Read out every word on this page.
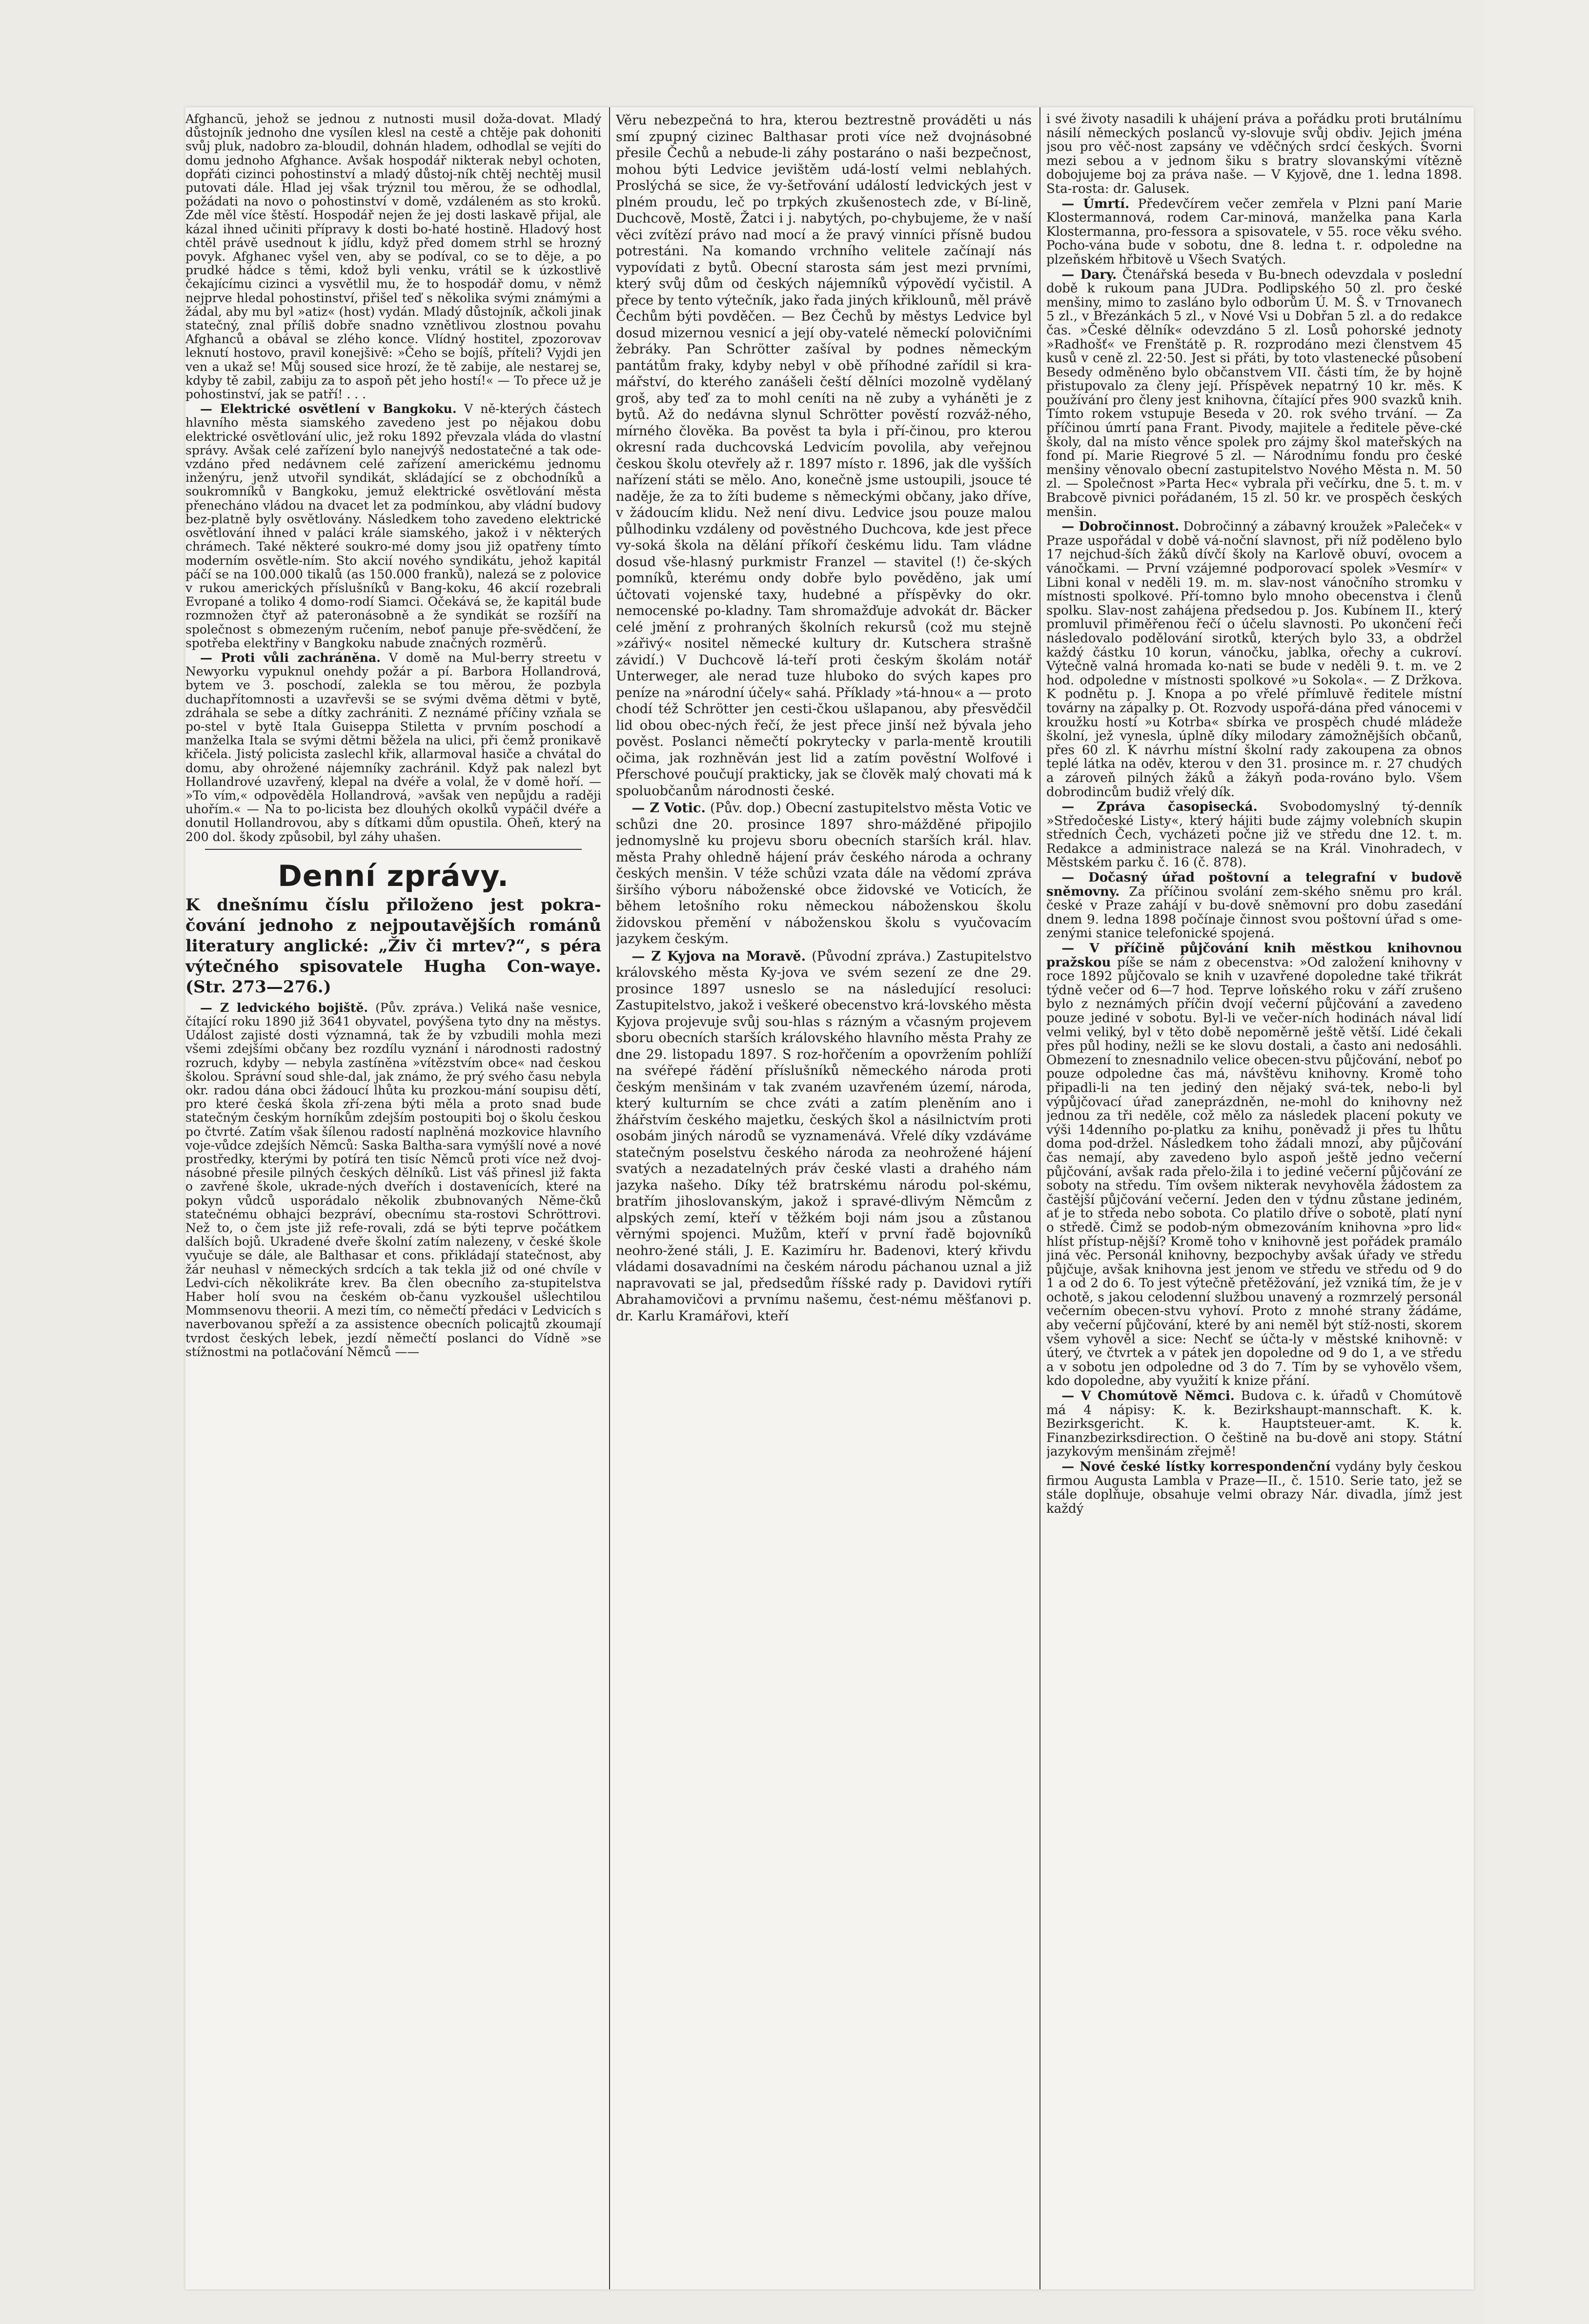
Afghancũ, jehož se jednou z nutnosti musil doža-dovat. Mladý důstojník jednoho dne vysílen klesl na cestě a chtěje pak dohoniti svůj pluk, nadobro za-bloudil, dohnán hladem, odhodlal se vejíti do domu jednoho Afghance. Avšak hospodář nikterak nebyl ochoten, dopřáti cizinci pohostinství a mladý důstoj-ník chtěj nechtěj musil putovati dále. Hlad jej však trýznil tou měrou, že se odhodlal, požádati na novo o pohostinství v domě, vzdáleném as sto kroků. Zde měl více štěstí. Hospodář nejen že jej dosti laskavě přijal, ale kázal ihned učiniti přípravy k dosti bo-haté hostině. Hladový host chtěl právě usednout k jídlu, když před domem strhl se hrozný povyk. Afghanec vyšel ven, aby se podíval, co se to děje, a po prudké hádce s těmi, kdož byli venku, vrátil se k úzkostlivě čekajícímu cizinci a vysvětlil mu, že to hospodář domu, v němž nejprve hledal pohostinství, přišel teď s několika svými známými a žádal, aby mu byl »atiz« (host) vydán. Mladý důstojník, ačkoli jinak statečný, znal příliš dobře snadno vznětlivou zlostnou povahu Afghanců a obával se zlého konce. Vlídný hostitel, zpozorovav leknutí hostovo, pravil konejšivě: »Čeho se bojíš, příteli? Vyjdi jen ven a ukaž se! Můj soused sice hrozí, že tě zabije, ale nestarej se, kdyby tě zabil, zabiju za to aspoň pět jeho hostí!« — To přece už je pohostinství, jak se patří! . . .

— Elektrické osvětlení v Bangkoku. V ně-kterých částech hlavního města siamského zavedeno jest po nějakou dobu elektrické osvětlování ulic, jež roku 1892 převzala vláda do vlastní správy. Avšak celé zařízení bylo nanejvýš nedostatečné a tak ode-vzdáno před nedávnem celé zařízení americkému jednomu inženýru, jenž utvořil syndikát, skládající se z obchodníků a soukromníků v Bangkoku, jemuž elektrické osvětlování města přenecháno vládou na dvacet let za podmínkou, aby vládní budovy bez-platně byly osvětlovány. Následkem toho zavedeno elektrické osvětlování ihned v paláci krále siamského, jakož i v některých chrámech. Také některé soukro-mé domy jsou již opatřeny tímto moderním osvětle-ním. Sto akcií nového syndikátu, jehož kapitál páčí se na 100.000 tikalů (as 150.000 franků), nalezá se z polovice v rukou amerických příslušníků v Bang-koku, 46 akcií rozebrali Evropané a toliko 4 domo-rodí Siamci. Očekává se, že kapitál bude rozmnožen čtyř až pateronásobně a že syndikát se rozšíří na společnost s obmezeným ručením, neboť panuje pře-svědčení, že spotřeba elektřiny v Bangkoku nabude značných rozměrů.

— Proti vůli zachráněna. V domě na Mul-berry streetu v Newyorku vypuknul onehdy požár a pí. Barbora Hollandrová, bytem ve 3. poschodí, zalekla se tou měrou, že pozbyla duchapřítomnosti a uzavřevši se se svými dvěma dětmi v bytě, zdráhala se sebe a dítky zachrániti. Z neznámé příčiny vzňala se po-stel v bytě Itala Guiseppa Stiletta v prvním poschodí a manželka Itala se svými dětmi běžela na ulici, při čemž pronikavě křičela. Jistý policista zaslechl křik, allarmoval hasiče a chvátal do domu, aby ohrožené nájemníky zachránil. Když pak nalezl byt Hollandrové uzavřený, klepal na dvéře a volal, že v domě hoří. — »To vím,« odpověděla Hollandrová, »avšak ven nepůjdu a raději uhořím.« — Na to po-licista bez dlouhých okolků vypáčil dvéře a donutil Hollandrovou, aby s dítkami dům opustila. Oheň, který na 200 dol. škody způsobil, byl záhy uhašen.

Denní zprávy.

K dnešnímu číslu přiloženo jest pokra-čování jednoho z nejpoutavějších románů literatury anglické: „Živ či mrtev?“, s péra výtečného spisovatele Hugha Con-waye. (Str. 273—276.)

— Z ledvického bojiště. (Pův. zpráva.) Veliká naše vesnice, čítající roku 1890 již 3641 obyvatel, povýšena tyto dny na městys. Událost zajisté dosti významná, tak že by vzbudili mohla mezi všemi zdejšími občany bez rozdílu vyznání i národnosti radostný rozruch, kdyby — nebyla zastíněna »vítězstvím obce« nad českou školou. Správní soud shle-dal, jak známo, že prý svého času nebyla okr. radou dána obci žádoucí lhůta ku prozkou-mání soupisu dětí, pro které česká škola zří-zena býti měla a proto snad bude statečným českým horníkům zdejším postoupiti boj o školu českou po čtvrté. Zatím však šílenou radostí naplněná mozkovice hlavního voje-vůdce zdejších Němců: Saska Baltha-sara vymýšlí nové a nové prostředky, kterými by potírá ten tisíc Němců proti více než dvoj-násobné přesile pilných českých dělníků. List váš přinesl již fakta o zavřené škole, ukrade-ných dveřích i dostavenících, které na pokyn vůdců usporádalo několik zbubnovaných Něme-čků statečnému obhajci bezpráví, obecnímu sta-rostovi Schröttrovi. Než to, o čem jste již refe-rovali, zdá se býti teprve počátkem dalších bojů. Ukradené dveře školní zatím nalezeny, v české škole vyučuje se dále, ale Balthasar et cons. přikládají statečnost, aby žár neuhasl v německých srdcích a tak tekla již od oné chvíle v Ledvi-cích několikráte krev. Ba člen obecního za-stupitelstva Haber holí svou na českém ob-čanu vyzkoušel ušlechtilou Mommsenovu theorii. A mezi tím, co němečtí předáci v Ledvicích s naverbovanou spřeží a za assistence obecních policajtů zkoumají tvrdost českých lebek, jezdí němečtí poslanci do Vídně »se stížnostmi na potlačování Němců ——

Věru nebezpečná to hra, kterou beztrestně prováděti u nás smí zpupný cizinec Balthasar proti více než dvojnásobné přesile Čechů a nebude-li záhy postaráno o naši bezpečnost, mohou býti Ledvice jevištěm udá-lostí velmi neblahých. Proslýchá se sice, že vy-šetřování událostí ledvických jest v plném proudu, leč po trpkých zkušenostech zde, v Bí-lině, Duchcově, Mostě, Žatci i j. nabytých, po-chybujeme, že v naší věci zvítězí právo nad mocí a že pravý vinníci přísně budou potrestáni. Na komando vrchního velitele začínají nás vypovídati z bytů. Obecní starosta sám jest mezi prvními, který svůj dům od českých nájemníků výpovědí vyčistil. A přece by tento výtečník, jako řada jiných křiklounů, měl právě Čechům býti povděčen. — Bez Čechů by městys Ledvice byl dosud mizernou vesnicí a její oby-vatelé německí polovičními žebráky. Pan Schrötter zašíval by podnes německým pantátům fraky, kdyby nebyl v obě příhodné zařídil si kra-mářství, do kterého zanášeli čeští dělníci mozolně vydělaný groš, aby teď za to mohl ceníti na ně zuby a vyháněti je z bytů. Až do nedávna slynul Schrötter pověstí rozváž-ného, mírného člověka. Ba pověst ta byla i pří-činou, pro kterou okresní rada duchcovská Ledvicím povolila, aby veřejnou českou školu otevřely až r. 1897 místo r. 1896, jak dle vyšších nařízení státi se mělo. Ano, konečně jsme ustoupili, jsouce té naděje, že za to žíti budeme s německými občany, jako dříve, v žádoucím klidu. Než není divu. Ledvice jsou pouze malou půlhodinku vzdáleny od pověstného Duchcova, kde jest přece vy-soká škola na dělání příkoří českému lidu. Tam vládne dosud vše-hlasný purkmistr Franzel — stavitel (!) če-ských pomníků, kterému ondy dobře bylo pověděno, jak umí účtovati vojenské taxy, hudebné a příspěvky do okr. nemocenské po-kladny. Tam shromažďuje advokát dr. Bäcker celé jmění z prohraných školních rekursů (což mu stejně »zářivý« nositel německé kultury dr. Kutschera strašně závidí.) V Duchcově lá-teří proti českým školám notář Unterweger, ale nerad tuze hluboko do svých kapes pro peníze na »národní účely« sahá. Příklady »tá-hnou« a — proto chodí též Schrötter jen cesti-čkou ušlapanou, aby přesvědčil lid obou obec-ných řečí, že jest přece jinší než bývala jeho pověst. Poslanci němečtí pokrytecky v parla-mentě kroutili očima, jak rozhněván jest lid a zatím pověstní Wolfové i Pferschové poučují prakticky, jak se člověk malý chovati má k spoluobčanům národnosti české.

— Z Votic. (Pův. dop.) Obecní zastupitelstvo města Votic ve schůzi dne 20. prosince 1897 shro-mážděné připojilo jednomyslně ku projevu sboru obecních starších král. hlav. města Prahy ohledně hájení práv českého národa a ochrany českých menšin. V téže schůzi vzata dále na vědomí zpráva širšího výboru náboženské obce židovské ve Voticích, že během letošního roku německou náboženskou školu židovskou přemění v náboženskou školu s vyučovacím jazykem českým.

— Z Kyjova na Moravě. (Původní zpráva.) Zastupitelstvo královského města Ky-jova ve svém sezení ze dne 29. prosince 1897 usneslo se na následující resoluci: Zastupitelstvo, jakož i veškeré obecenstvo krá-lovského města Kyjova projevuje svůj sou-hlas s rázným a včasným projevem sboru obecních starších královského hlavního města Prahy ze dne 29. listopadu 1897. S roz-hořčením a opovržením pohlíží na svéřepé řádění příslušníků německého národa proti českým menšinám v tak zvaném uzavřeném území, národa, který kulturním se chce zváti a zatím pleněním ano i žhářstvím českého majetku, českých škol a násilnictvím proti osobám jiných národů se vyznamenává. Vřelé díky vzdáváme statečným poselstvu českého národa za neohrožené hájení svatých a nezadatelných práv české vlasti a drahého nám jazyka našeho. Díky též bratrskému národu pol-skému, bratřím jihoslovanským, jakož i spravé-dlivým Němcům z alpských zemí, kteří v těžkém boji nám jsou a zůstanou věrnými spojenci. Mužům, kteří v první řadě bojovníků neohro-žené stáli, J. E. Kazimíru hr. Badenovi, který křivdu vládami dosavadními na českém národu páchanou uznal a již napravovati se jal, předsedům říšské rady p. Davidovi rytíři Abrahamovičovi a prvnímu našemu, čest-nému měšťanovi p. dr. Karlu Kramářovi, kteří

i své životy nasadili k uhájení práva a pořádku proti brutálnímu násilí německých poslanců vy-slovuje svůj obdiv. Jejich jména jsou pro věč-nost zapsány ve vděčných srdcí českých. Svorni mezi sebou a v jednom šiku s bratry slovanskými vítězně dobojujeme boj za práva naše. — V Kyjově, dne 1. ledna 1898. Sta-rosta: dr. Galusek.

— Úmrtí. Předevčírem večer zemřela v Plzni paní Marie Klostermannová, rodem Car-minová, manželka pana Karla Klostermanna, pro-fessora a spisovatele, v 55. roce věku svého. Pocho-vána bude v sobotu, dne 8. ledna t. r. odpoledne na plzeňském hřbitově u Všech Svatých.

— Dary. Čtenářská beseda v Bu-bnech odevzdala v poslední době k rukoum pana JUDra. Podlipského 50 zl. pro české menšiny, mimo to zasláno bylo odborům Ú. M. Š. v Trnovanech 5 zl., v Březánkách 5 zl., v Nové Vsi u Dobřan 5 zl. a do redakce čas. »České dělník« odevzdáno 5 zl. Losů pohorské jednoty »Radhošť« ve Frenštátě p. R. rozprodáno mezi členstvem 45 kusů v ceně zl. 22·50. Jest si přáti, by toto vlastenecké působení Besedy odměněno bylo občanstvem VII. části tím, že by hojně přistupovalo za členy její. Příspěvek nepatrný 10 kr. měs. K používání pro členy jest knihovna, čítající přes 900 svazků knih. Tímto rokem vstupuje Beseda v 20. rok svého trvání. — Za příčinou úmrtí pana Frant. Pivody, majitele a ředitele pěve-cké školy, dal na místo věnce spolek pro zájmy škol mateřských na fond pí. Marie Riegrové 5 zl. — Národnímu fondu pro české menšiny věnovalo obecní zastupitelstvo Nového Města n. M. 50 zl. — Společnost »Parta Hec« vybrala při večírku, dne 5. t. m. v Brabcově pivnici pořádaném, 15 zl. 50 kr. ve prospěch českých menšin.

— Dobročinnost. Dobročinný a zábavný kroužek »Paleček« v Praze uspořádal v době vá-noční slavnost, při níž poděleno bylo 17 nejchud-ších žáků dívčí školy na Karlově obuví, ovocem a vánočkami. — První vzájemné podporovací spolek »Vesmír« v Libni konal v neděli 19. m. m. slav-nost vánočního stromku v místnosti spolkové. Pří-tomno bylo mnoho obecenstva i členů spolku. Slav-nost zahájena předsedou p. Jos. Kubínem II., který promluvil přiměřenou řečí o účelu slavnosti. Po ukončení řeči následovalo podělování sirotků, kterých bylo 33, a obdržel každý částku 10 korun, vánočku, jablka, ořechy a cukroví. Výtečně valná hromada ko-nati se bude v neděli 9. t. m. ve 2 hod. odpoledne v místnosti spolkové »u Sokola«. — Z Držkova. K podnětu p. J. Knopa a po vřelé přímluvě ředitele místní továrny na zápalky p. Ot. Rozvody uspořá-dána před vánocemi v kroužku hostí »u Kotrba« sbírka ve prospěch chudé mládeže školní, jež vynesla, úplně díky milodary zámožnějších občanů, přes 60 zl. K návrhu místní školní rady zakoupena za obnos teplé látka na oděv, kterou v den 31. prosince m. r. 27 chudých a zároveň pilných žáků a žákyň poda-rováno bylo. Všem dobrodincům budiž vřelý dík.

— Zpráva časopisecká. Svobodomyslný tý-denník »Středočeské Listy«, který hájiti bude zájmy volebních skupin středních Čech, vycházeti počne již ve středu dne 12. t. m. Redakce a administrace nalezá se na Král. Vinohradech, v Městském parku č. 16 (č. 878).

— Dočasný úřad poštovní a telegrafní v budově sněmovny. Za příčinou svolání zem-ského sněmu pro král. české v Praze zahájí v bu-dově sněmovní pro dobu zasedání dnem 9. ledna 1898 počínaje činnost svou poštovní úřad s ome-zenými stanice telefonické spojená.

— V příčině půjčování knih městkou knihovnou pražskou píše se nám z obecenstva: »Od založení knihovny v roce 1892 půjčovalo se knih v uzavřené dopoledne také třikrát týdně večer od 6—7 hod. Teprve loňského roku v září zrušeno bylo z neznámých příčin dvojí večerní půjčování a zavedeno pouze jediné v sobotu. Byl-li ve večer-ních hodinách nával lidí velmi veliký, byl v těto době nepoměrně ještě větší. Lidé čekali přes půl hodiny, nežli se ke slovu dostali, a často ani nedosáhli. Obmezení to znesnadnilo velice obecen-stvu půjčování, neboť po pouze odpoledne čas má, návštěvu knihovny. Kromě toho připadli-li na ten jediný den nějaký svá-tek, nebo-li byl výpůjčovací úřad zaneprázdněn, ne-mohl do knihovny než jednou za tři neděle, což mělo za následek placení pokuty ve výši 14denního po-platku za knihu, poněvadž ji přes tu lhůtu doma pod-držel. Následkem toho žádali mnozí, aby půjčování čas nemají, aby zavedeno bylo aspoň ještě jedno večerní půjčování, avšak rada přelo-žila i to jediné večerní půjčování ze soboty na středu. Tím ovšem nikterak nevyhověla žádostem za častější půjčování večerní. Jeden den v týdnu zůstane jediném, ať je to středa nebo sobota. Co platilo dříve o sobotě, platí nyní o středě. Čimž se podob-ným obmezováním knihovna »pro lid« hlíst přístup-nější? Kromě toho v knihovně jest pořádek pramálo jiná věc. Personál knihovny, bezpochyby avšak úřady ve středu půjčuje, avšak knihovna jest jenom ve středu ve středu od 9 do 1 a od 2 do 6. To jest výtečně přetěžování, jež vzniká tím, že je v ochotě, s jakou celodenní službou unavený a rozmrzelý personál večerním obecen-stvu vyhoví. Proto z mnohé strany žádáme, aby večerní půjčování, které by ani neměl být stíž-nosti, skorem všem vyhověl a sice: Nechť se účta-ly v městské knihovně: v úterý, ve čtvrtek a v pátek jen dopoledne od 9 do 1, a ve středu a v sobotu jen odpoledne od 3 do 7. Tím by se vyhovělo všem, kdo dopoledne, aby využití k knize přání.

— V Chomútově Němci. Budova c. k. úřadů v Chomútově má 4 nápisy: K. k. Bezirkshaupt-mannschaft. K. k. Bezirksgericht. K. k. Hauptsteuer-amt. K. k. Finanzbezirksdirection. O češtině na bu-dově ani stopy. Státní jazykovým menšinám zřejmě!

— Nové české lístky korrespondenční vydány byly českou firmou Augusta Lambla v Praze—II., č. 1510. Serie tato, jež se stále doplňuje, obsahuje velmi obrazy Nár. divadla, jímž jest každý
